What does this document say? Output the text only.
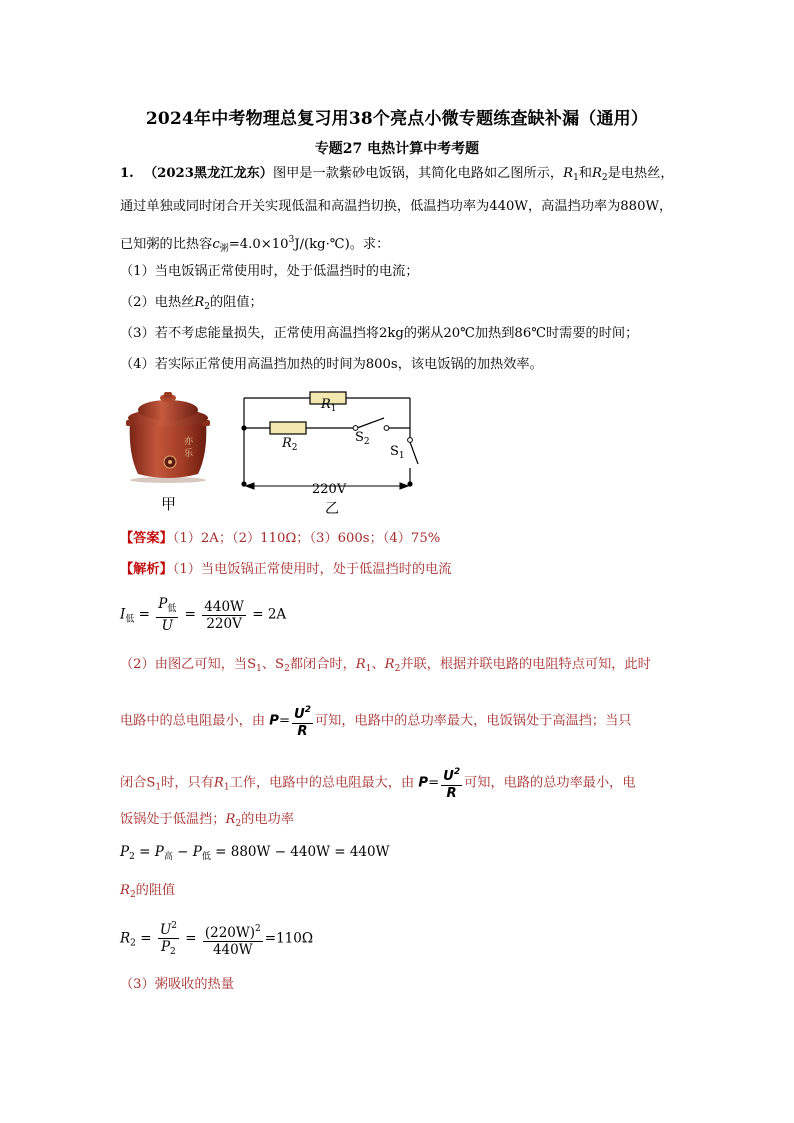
2024年中考物理总复习用38个亮点小微专题练查缺补漏（通用）
专题27 电热计算中考考题
1. （2023黑龙江龙东）图甲是一款紫砂电饭锅，其简化电路如乙图所示，$R_1$和$R_2$是电热丝，
通过单独或同时闭合开关实现低温和高温挡切换，低温挡功率为440W，高温挡功率为880W，
已知粥的比热容$c_粥=4.0\times 10^3J/(kg\cdot℃)$。求：
（1）当电饭锅正常使用时，处于低温挡时的电流；
（2）电热丝$R_2$的阻值；
（3）若不考虑能量损失，正常使用高温挡将2kg的粥从20℃加热到86℃时需要的时间；
（4）若实际正常使用高温挡加热的时间为800s，该电饭锅的加热效率。
亦
乐
甲
$R_1$
$R_2$
$S_2$
$S_1$
220V
乙
【答案】（1）2A；（2）110Ω；（3）600s；（4）75%
【解析】（1）当电饭锅正常使用时，处于低温挡时的电流
$I_低 = \frac{P_低}{U} = \frac{440W}{220V} = 2A$
（2）由图乙可知，当$S_1$、$S_2$都闭合时，$R_1$、$R_2$并联，根据并联电路的电阻特点可知，此时
电路中的总电阻最小，由 $P= \frac{U^2}{R}$ 可知，电路中的总功率最大，电饭锅处于高温挡；当只
闭合$S_1$时，只有$R_1$工作，电路中的总电阻最大，由 $P= \frac{U^2}{R}$ 可知，电路的总功率最小，电
饭锅处于低温挡；$R_2$的电功率
$P_2 = P_高 - P_低 = 880W - 440W = 440W$
$R_2$的阻值
$R_2 = \frac{U^2}{P_2} = \frac{(220W)^2}{440W} =110\Omega$
（3）粥吸收的热量
